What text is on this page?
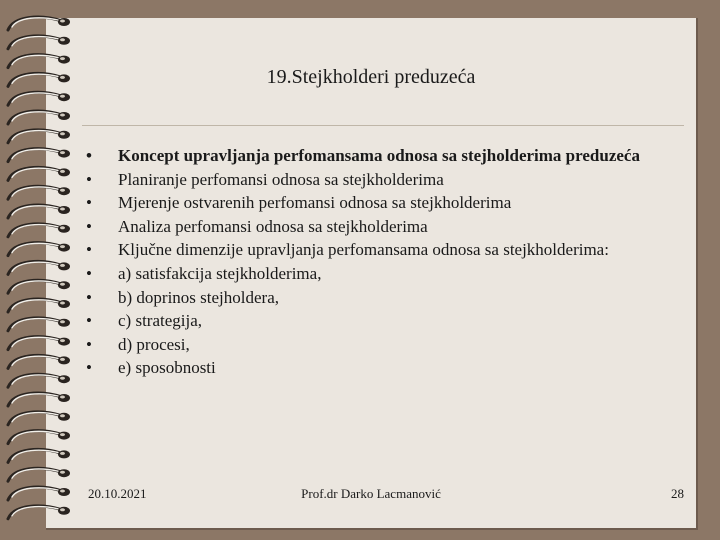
19.Stejkholderi preduzeća
• Koncept upravljanja perfomansama odnosa sa stejholderima preduzeća
• Planiranje perfomansi odnosa sa stejkholderima
• Mjerenje ostvarenih perfomansi odnosa sa stejkholderima
• Analiza perfomansi odnosa sa stejkholderima
• Ključne dimenzije upravljanja perfomansama odnosa sa stejkholderima:
• a) satisfakcija stejkholderima,
• b) doprinos stejholdera,
• c) strategija,
• d) procesi,
• e) sposobnosti
20.10.2021	Prof.dr Darko Lacmanović	28
